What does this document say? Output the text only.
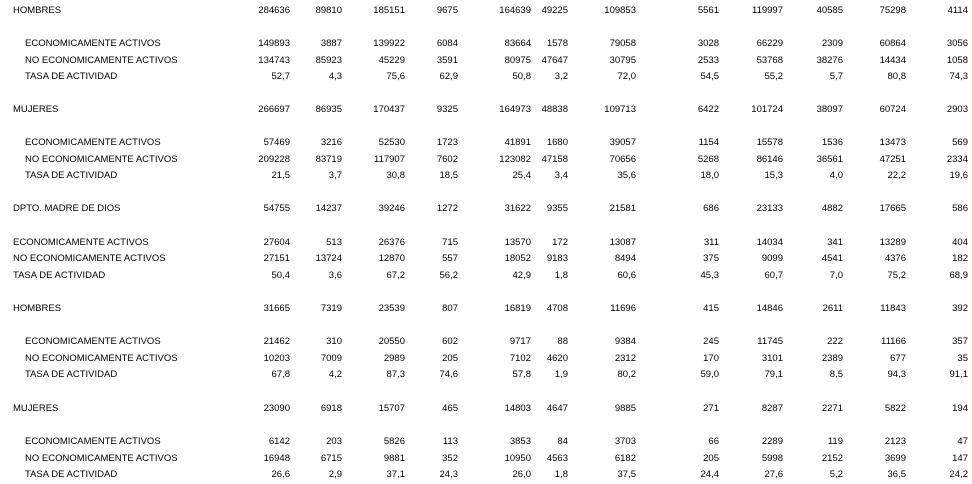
HOMBRES	284636	89810	185151	9675	164639	49225	109853	5561	119997	40585	75298	4114
ECONOMICAMENTE ACTIVOS	149893	3887	139922	6084	83664	1578	79058	3028	66229	2309	60864	3056
NO ECONOMICAMENTE ACTIVOS	134743	85923	45229	3591	80975	47647	30795	2533	53768	38276	14434	1058
TASA DE ACTIVIDAD	52,7	4,3	75,6	62,9	50,8	3,2	72,0	54,5	55,2	5,7	80,8	74,3
MUJERES	266697	86935	170437	9325	164973	48838	109713	6422	101724	38097	60724	2903
ECONOMICAMENTE ACTIVOS	57469	3216	52530	1723	41891	1680	39057	1154	15578	1536	13473	569
NO ECONOMICAMENTE ACTIVOS	209228	83719	117907	7602	123082	47158	70656	5268	86146	36561	47251	2334
TASA DE ACTIVIDAD	21,5	3,7	30,8	18,5	25,4	3,4	35,6	18,0	15,3	4,0	22,2	19,6
DPTO. MADRE DE DIOS	54755	14237	39246	1272	31622	9355	21581	686	23133	4882	17665	586
ECONOMICAMENTE ACTIVOS	27604	513	26376	715	13570	172	13087	311	14034	341	13289	404
NO ECONOMICAMENTE ACTIVOS	27151	13724	12870	557	18052	9183	8494	375	9099	4541	4376	182
TASA DE ACTIVIDAD	50,4	3,6	67,2	56,2	42,9	1,8	60,6	45,3	60,7	7,0	75,2	68,9
HOMBRES	31665	7319	23539	807	16819	4708	11696	415	14846	2611	11843	392
ECONOMICAMENTE ACTIVOS	21462	310	20550	602	9717	88	9384	245	11745	222	11166	357
NO ECONOMICAMENTE ACTIVOS	10203	7009	2989	205	7102	4620	2312	170	3101	2389	677	35
TASA DE ACTIVIDAD	67,8	4,2	87,3	74,6	57,8	1,9	80,2	59,0	79,1	8,5	94,3	91,1
MUJERES	23090	6918	15707	465	14803	4647	9885	271	8287	2271	5822	194
ECONOMICAMENTE ACTIVOS	6142	203	5826	113	3853	84	3703	66	2289	119	2123	47
NO ECONOMICAMENTE ACTIVOS	16948	6715	9881	352	10950	4563	6182	205	5998	2152	3699	147
TASA DE ACTIVIDAD	26,6	2,9	37,1	24,3	26,0	1,8	37,5	24,4	27,6	5,2	36,5	24,2
